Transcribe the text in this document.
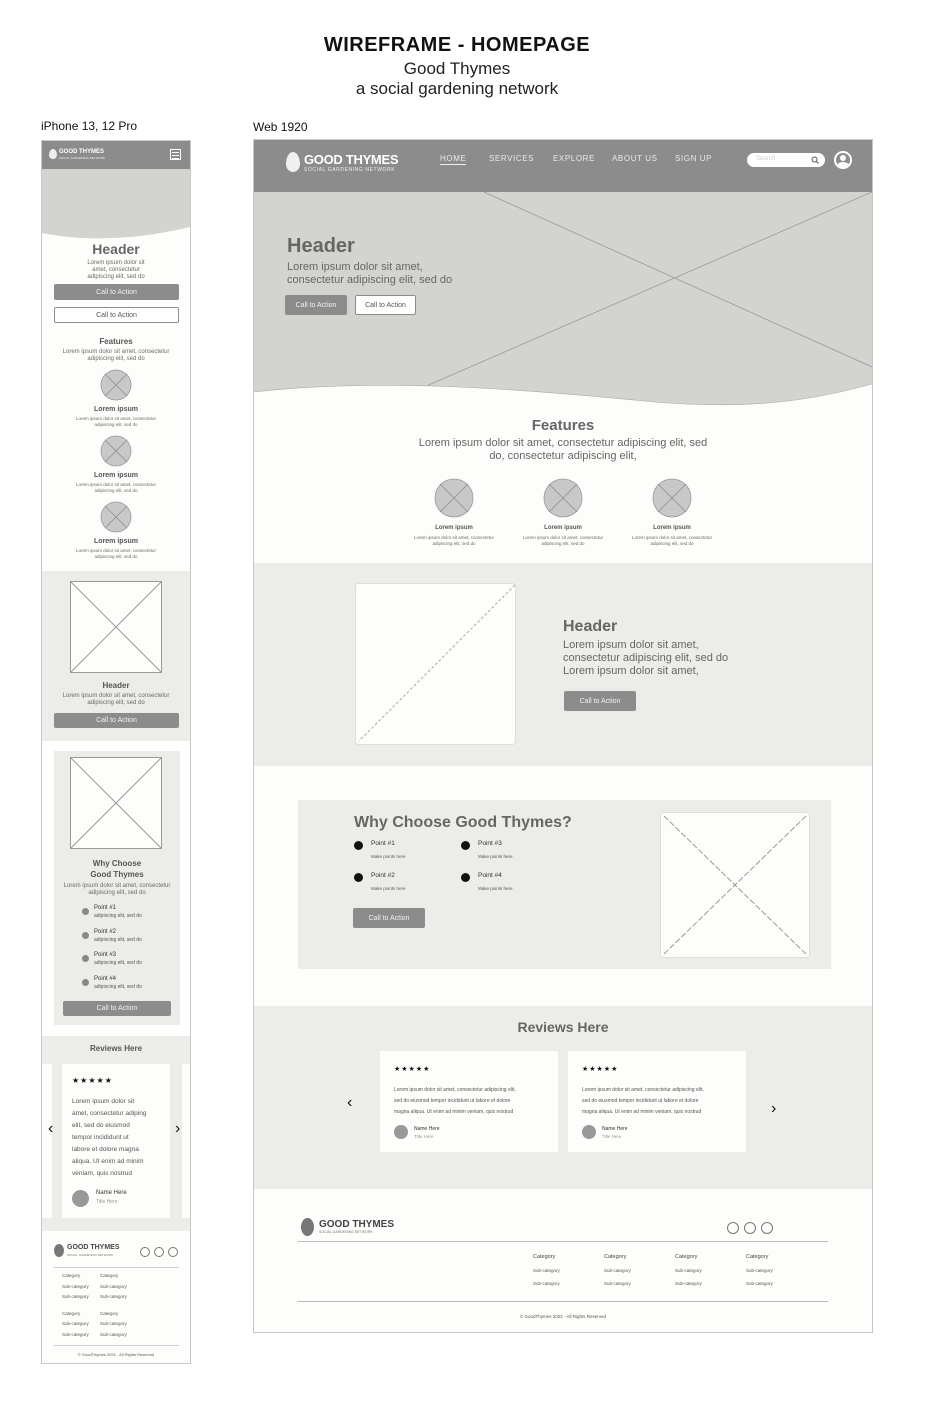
WIREFRAME - HOMEPAGE
Good Thymes
a social gardening network
iPhone 13, 12 Pro	Web 1920
GOOD THYMES
SOCIAL GARDENING NETWORK
Header
Lorem ipsum dolor sit
amet, consectetur
adipiscing elit, sed do
Call to Action
Call to Action
Features
Lorem ipsum dolor sit amet, consectetur
adipiscing elit, sed do
Lorem ipsum
Lorem ipsum dolor sit amet, consectetur
adipiscing elit, sed do
Lorem ipsum
Lorem ipsum dolor sit amet, consectetur
adipiscing elit, sed do
Lorem ipsum
Lorem ipsum dolor sit amet, consectetur
adipiscing elit, sed do
Header
Lorem ipsum dolor sit amet, consectetur
adipiscing elit, sed do
Call to Action
Why Choose
Good Thymes
Lorem ipsum dolor sit amet, consectetur
adipiscing elit, sed do
Point #1
adipiscing elit, sed do
Point #2
adipiscing elit, sed do
Point #3
adipiscing elit, sed do
Point #4
adipiscing elit, sed do
Call to Action
Reviews Here
★★★★★
Lorem ipsum dolor sit
amet, consectetur adiping
elit, sed do eiusmod
tempor incididunt ut
labore et dolore magna
aliqua. Ut enim ad minim
veniam, quis nostrud
Name Here
Title Here
‹	›
GOOD THYMES
SOCIAL GARDENING NETWORK
Category	Category
Sub-category Sub-category
Sub-category Sub-category
Category	Category
Sub-category Sub-category
Sub-category Sub-category
© GoodThymes 2022 - All Rights Reserved
GOOD THYMES
SOCIAL GARDENING NETWORK
HOME	SERVICES EXPLORE ABOUT US SIGN UP	Search
Header
Lorem ipsum dolor sit amet,
consectetur adipiscing elit, sed do
Call to Action	Call to Action
Features
Lorem ipsum dolor sit amet, consectetur adipiscing elit, sed
do, consectetur adipiscing elit,
Lorem ipsum
Lorem ipsum dolor sit amet, consectetur
adipiscing elit, sed do
Lorem ipsum
Lorem ipsum dolor sit amet, consectetur
adipiscing elit, sed do
Lorem ipsum
Lorem ipsum dolor sit amet, consectetur
adipiscing elit, sed do
Header
Lorem ipsum dolor sit amet,
consectetur adipiscing elit, sed do
Lorem ipsum dolor sit amet,
Call to Action
Why Choose Good Thymes?
Point #1
Make points here
Point #3
Make points here
Point #2
Make points here
Point #4
Make points here
Call to Action
Reviews Here
‹	›
★★★★★
Lorem ipsum dolor sit amet, consectetur adipiscing elit,
sed do eiusmod tempor incididunt ut labore et dolore
magna aliqua. Ut enim ad minim veniam, quis nostrud
Name Here
Title Here
★★★★★
Lorem ipsum dolor sit amet, consectetur adipiscing elit,
sed do eiusmod tempor incididunt ut labore et dolore
magna aliqua. Ut enim ad minim veniam, quis nostrud
Name Here
Title Here
GOOD THYMES
SOCIAL GARDENING NETWORK
Category
Sub-category
Sub-category
Category
Sub-category
Sub-category
Category
Sub-category
Sub-category
Category
Sub-category
Sub-category
© GoodThymes 2022 - All Rights Reserved
